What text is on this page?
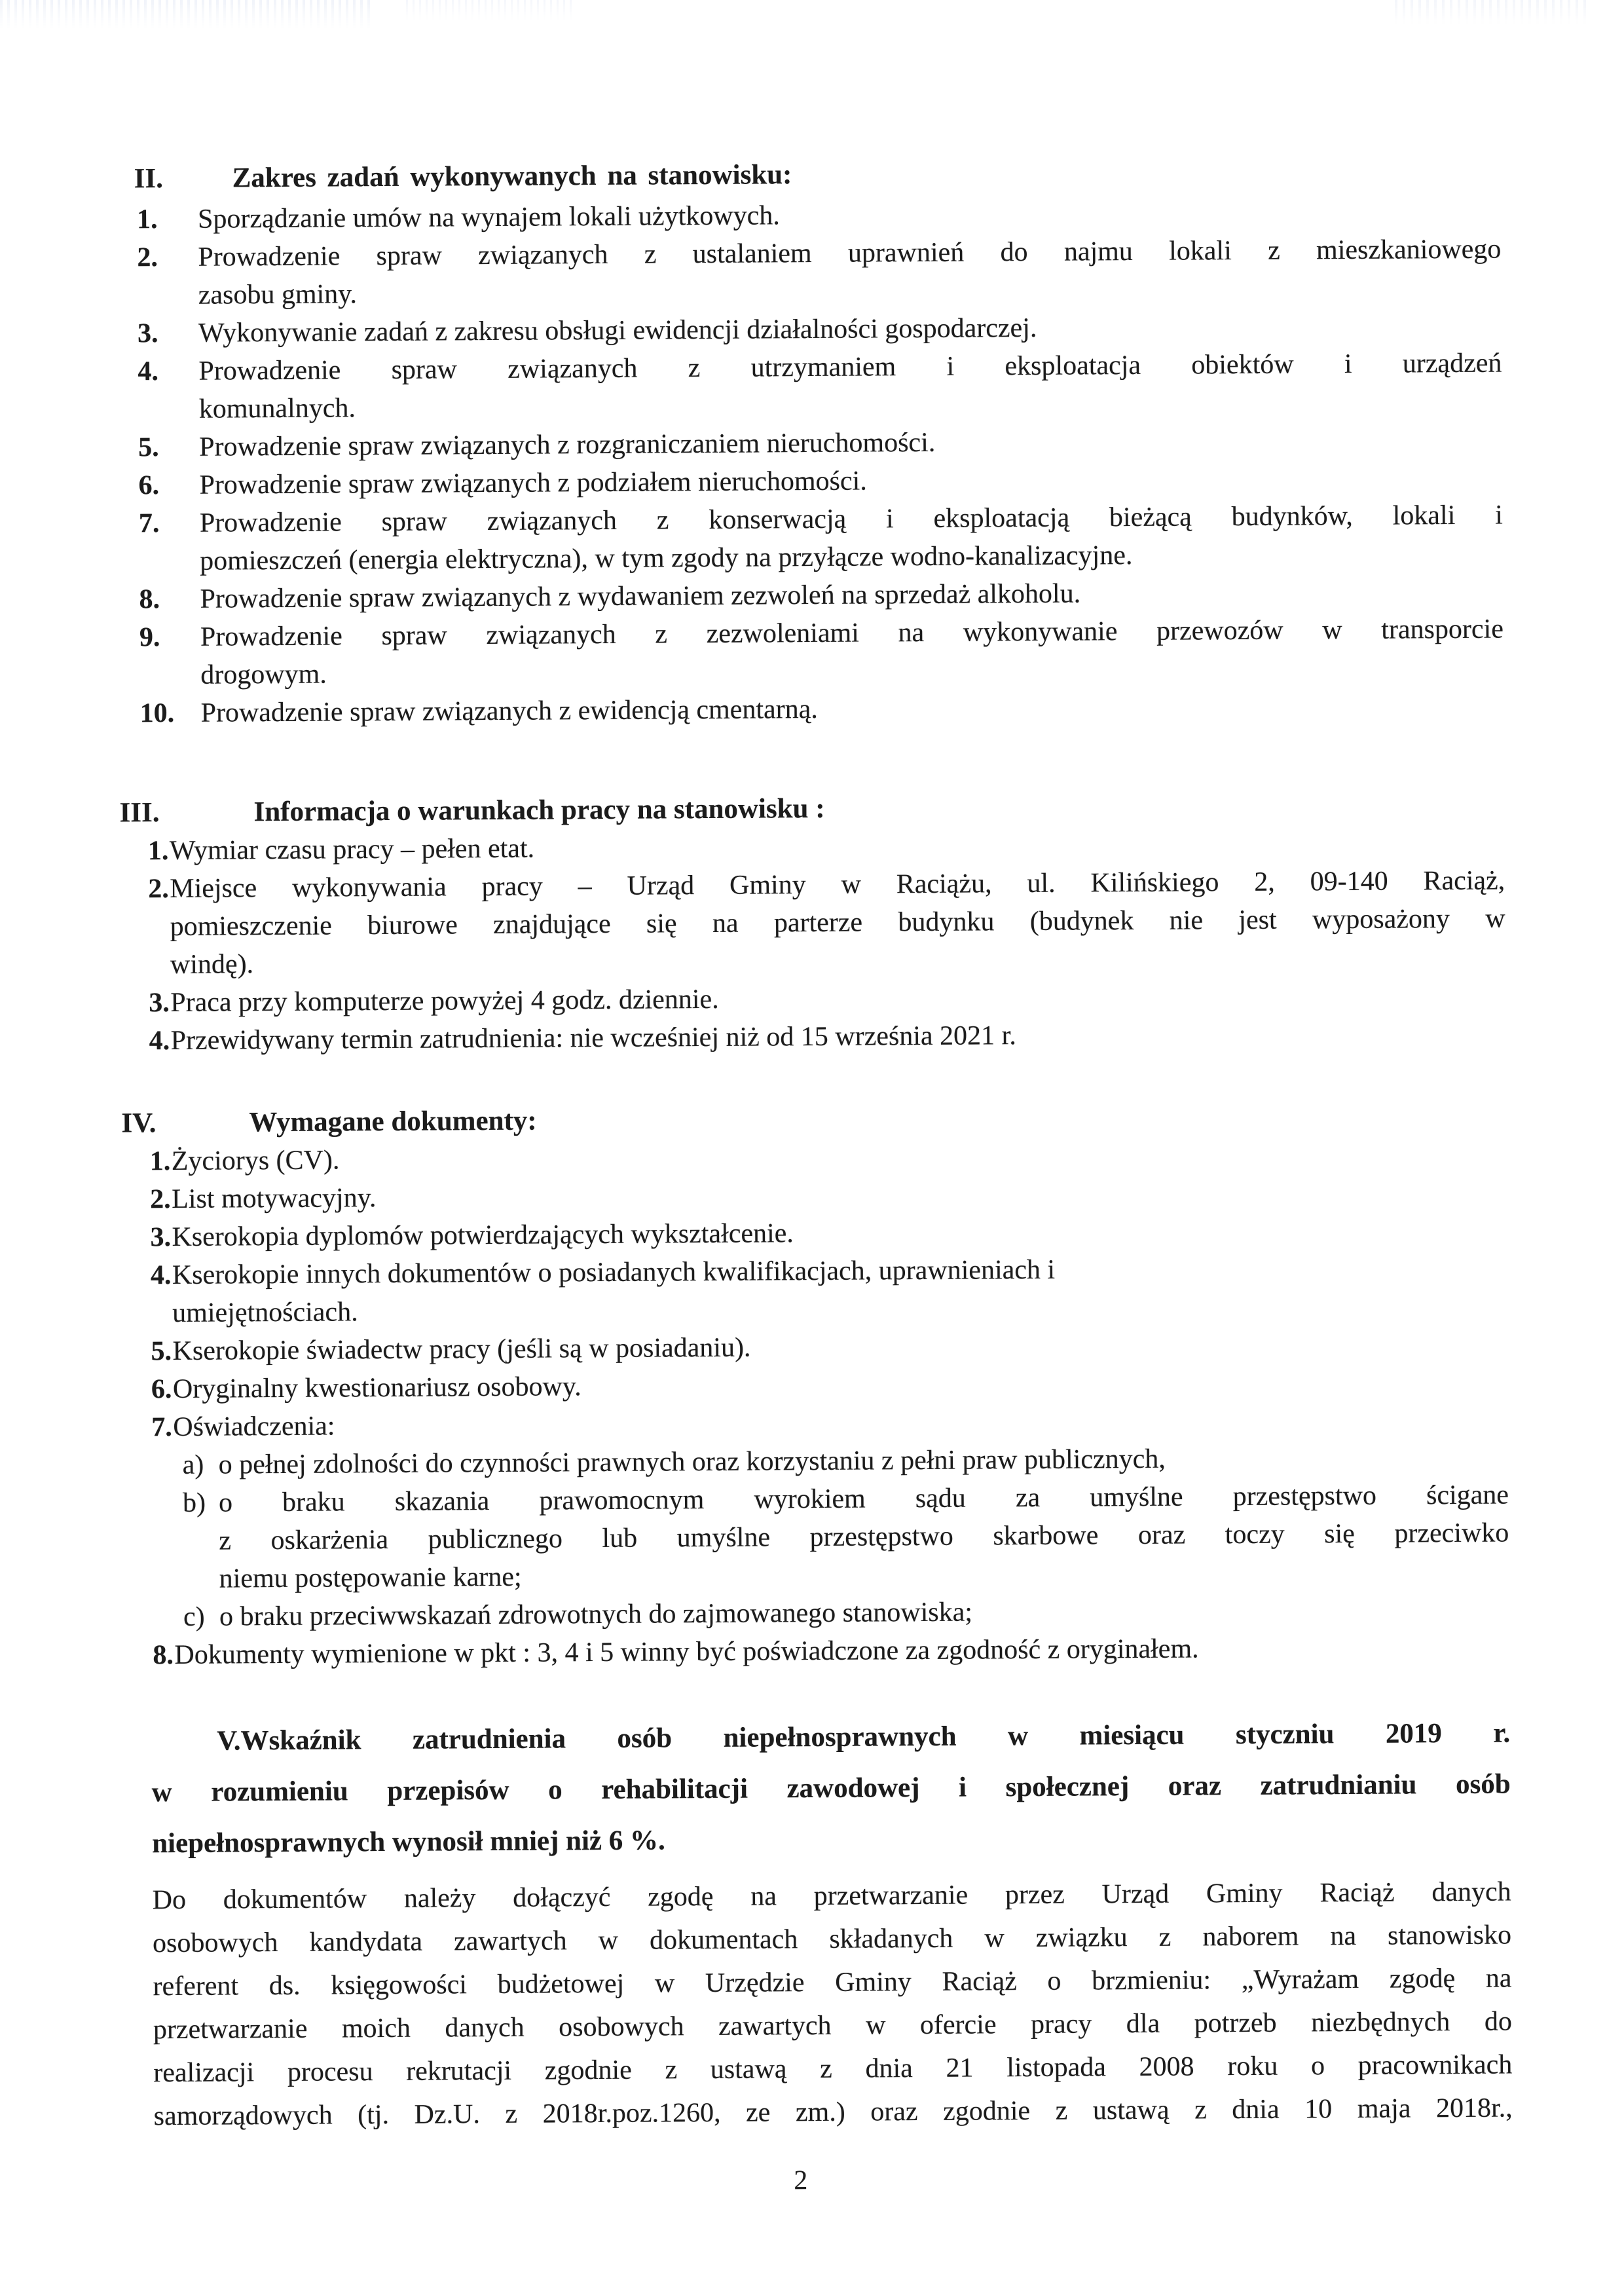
II.	Zakres zadań wykonywanych na stanowisku:
1. Sporządzanie umów na wynajem lokali użytkowych.
2. Prowadzenie spraw związanych z ustalaniem uprawnień do najmu lokali z mieszkaniowego
zasobu gminy.
3. Wykonywanie zadań z zakresu obsługi ewidencji działalności gospodarczej.
4. Prowadzenie spraw związanych z utrzymaniem i eksploatacja obiektów i urządzeń
komunalnych.
5. Prowadzenie spraw związanych z rozgraniczaniem nieruchomości.
6. Prowadzenie spraw związanych z podziałem nieruchomości.
7. Prowadzenie spraw związanych z konserwacją i eksploatacją bieżącą budynków, lokali i
pomieszczeń (energia elektryczna), w tym zgody na przyłącze wodno-kanalizacyjne.
8. Prowadzenie spraw związanych z wydawaniem zezwoleń na sprzedaż alkoholu.
9. Prowadzenie spraw związanych z zezwoleniami na wykonywanie przewozów w transporcie
drogowym.
10. Prowadzenie spraw związanych z ewidencją cmentarną.
III.	Informacja o warunkach pracy na stanowisku :
1. Wymiar czasu pracy – pełen etat.
2. Miejsce wykonywania pracy – Urząd Gminy w Raciążu, ul. Kilińskiego 2, 09-140 Raciąż,
pomieszczenie biurowe znajdujące się na parterze budynku (budynek nie jest wyposażony w
windę).
3. Praca przy komputerze powyżej 4 godz. dziennie.
4. Przewidywany termin zatrudnienia: nie wcześniej niż od 15 września 2021 r.
IV.	Wymagane dokumenty:
1. Życiorys (CV).
2. List motywacyjny.
3. Kserokopia dyplomów potwierdzających wykształcenie.
4. Kserokopie innych dokumentów o posiadanych kwalifikacjach, uprawnieniach i
umiejętnościach.
5. Kserokopie świadectw pracy (jeśli są w posiadaniu).
6. Oryginalny kwestionariusz osobowy.
7. Oświadczenia:
a) o pełnej zdolności do czynności prawnych oraz korzystaniu z pełni praw publicznych,
b) o braku skazania prawomocnym wyrokiem sądu za umyślne przestępstwo ścigane
z oskarżenia publicznego lub umyślne przestępstwo skarbowe oraz toczy się przeciwko
niemu postępowanie karne;
c) o braku przeciwwskazań zdrowotnych do zajmowanego stanowiska;
8. Dokumenty wymienione w pkt : 3, 4 i 5 winny być poświadczone za zgodność z oryginałem.
V.Wskaźnik zatrudnienia osób niepełnosprawnych w miesiącu styczniu 2019 r.
w rozumieniu przepisów o rehabilitacji zawodowej i społecznej oraz zatrudnianiu osób
niepełnosprawnych wynosił mniej niż 6 %.
Do dokumentów należy dołączyć zgodę na przetwarzanie przez Urząd Gminy Raciąż danych
osobowych kandydata zawartych w dokumentach składanych w związku z naborem na stanowisko
referent ds. księgowości budżetowej w Urzędzie Gminy Raciąż o brzmieniu: „Wyrażam zgodę na
przetwarzanie moich danych osobowych zawartych w ofercie pracy dla potrzeb niezbędnych do
realizacji procesu rekrutacji zgodnie z ustawą z dnia 21 listopada 2008 roku o pracownikach
samorządowych (tj. Dz.U. z 2018r.poz.1260, ze zm.) oraz zgodnie z ustawą z dnia 10 maja 2018r.,
2
